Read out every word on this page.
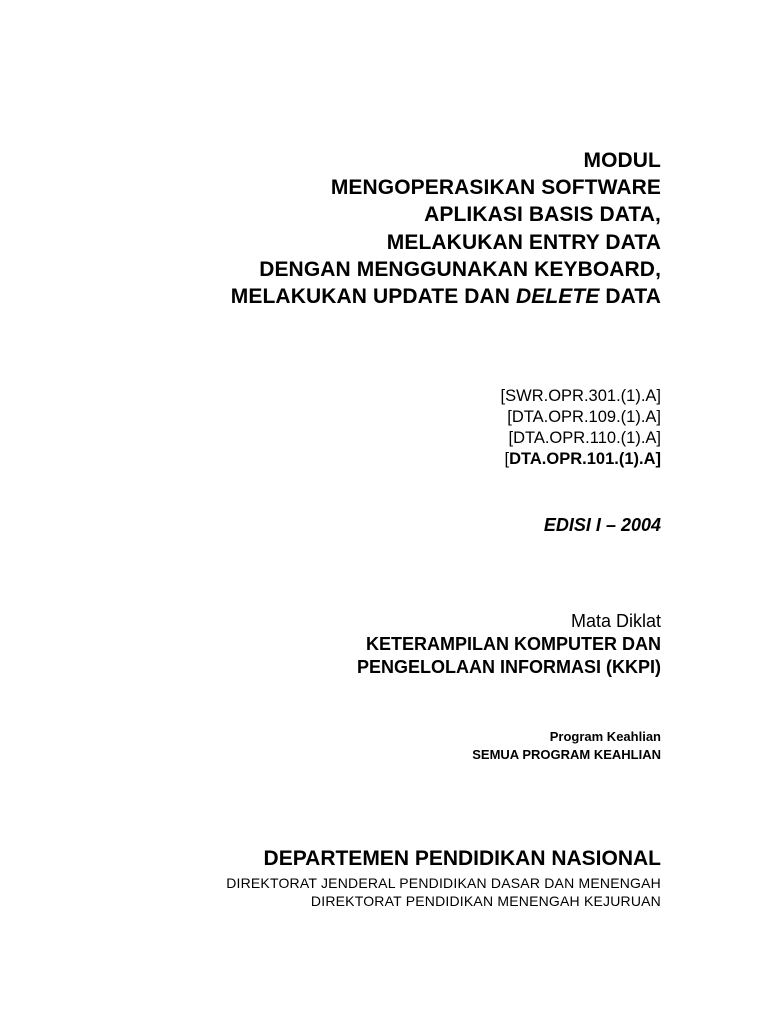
MODUL
MENGOPERASIKAN SOFTWARE
APLIKASI BASIS DATA,
MELAKUKAN ENTRY DATA
DENGAN MENGGUNAKAN KEYBOARD,
MELAKUKAN UPDATE DAN DELETE DATA
[SWR.OPR.301.(1).A]
[DTA.OPR.109.(1).A]
[DTA.OPR.110.(1).A]
[DTA.OPR.101.(1).A]
EDISI I – 2004
Mata Diklat
KETERAMPILAN KOMPUTER DAN
PENGELOLAAN INFORMASI (KKPI)
Program Keahlian
SEMUA PROGRAM KEAHLIAN
DEPARTEMEN PENDIDIKAN NASIONAL
DIREKTORAT JENDERAL PENDIDIKAN DASAR DAN MENENGAH
DIREKTORAT PENDIDIKAN MENENGAH KEJURUAN
